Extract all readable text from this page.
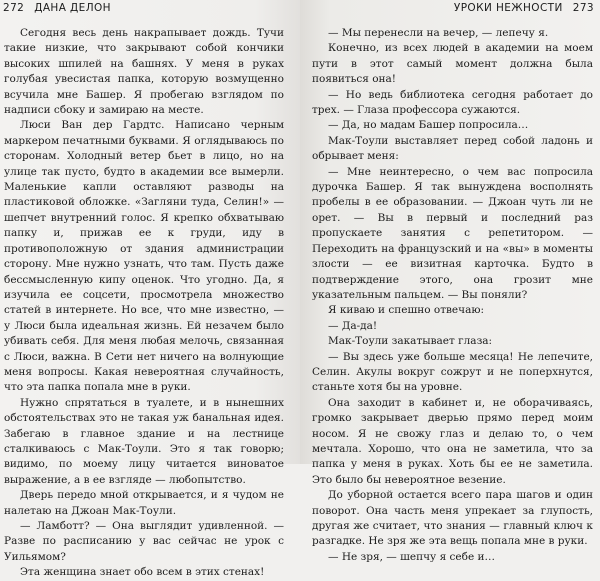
272 ДАНА ДЕЛОН

Сегодня весь день накрапывает дождь. Тучи такие низкие, что закрывают собой кончики высоких шпилей на башнях. У меня в руках голубая увесистая папка, которую возмущенно всучила мне Башер. Я пробегаю взглядом по надписи сбоку и замираю на месте.

Люси Ван дер Гардтс. Написано черным маркером печатными буквами. Я оглядываюсь по сторонам. Холодный ветер бьет в лицо, но на улице так пусто, будто в академии все вымерли. Маленькие капли оставляют разводы на пластиковой обложке. «Загляни туда, Селин!» — шепчет внутренний голос. Я крепко обхватываю папку и, прижав ее к груди, иду в противоположную от здания администрации сторону. Мне нужно узнать, что там. Пусть даже бессмысленную кипу оценок. Что угодно. Да, я изучила ее соцсети, просмотрела множество статей в интернете. Но все, что мне известно, — у Люси была идеальная жизнь. Ей незачем было убивать себя. Для меня любая мелочь, связанная с Люси, важна. В Сети нет ничего на волнующие меня вопросы. Какая невероятная случайность, что эта папка попала мне в руки.

Нужно спрятаться в туалете, и в нынешних обстоятельствах это не такая уж банальная идея. Забегаю в главное здание и на лестнице сталкиваюсь с Мак-Тоули. Это я так говорю; видимо, по моему лицу читается виноватое выражение, а в ее взгляде — любопытство.

Дверь передо мной открывается, и я чудом не налетаю на Джоан Мак-Тоули.

— Ламботт? — Она выглядит удивленной. — Разве по расписанию у вас сейчас не урок с Уильямом?

Эта женщина знает обо всем в этих стенах!

УРОКИ НЕЖНОСТИ 273

— Мы перенесли на вечер, — лепечу я.

Конечно, из всех людей в академии на моем пути в этот самый момент должна была появиться она!

— Но ведь библиотека сегодня работает до трех. — Глаза профессора сужаются.

— Да, но мадам Башер попросила…

Мак-Тоули выставляет перед собой ладонь и обрывает меня:

— Мне неинтересно, о чем вас попросила дурочка Башер. Я так вынуждена восполнять пробелы в ее образовании. — Джоан чуть ли не орет. — Вы в первый и последний раз пропускаете занятия с репетитором. — Переходить на французский и на «вы» в моменты злости — ее визитная карточка. Будто в подтверждение этого, она грозит мне указательным пальцем. — Вы поняли?

Я киваю и спешно отвечаю:

— Да-да!

Мак-Тоули закатывает глаза:

— Вы здесь уже больше месяца! Не лепечите, Селин. Акулы вокруг сожрут и не поперхнутся, станьте хотя бы на уровне.

Она заходит в кабинет и, не оборачиваясь, громко закрывает дверью прямо перед моим носом. Я не свожу глаз и делаю то, о чем мечтала. Хорошо, что она не заметила, что за папка у меня в руках. Хоть бы ее не заметила. Это было бы невероятное везение.

До уборной остается всего пара шагов и один поворот. Она часть меня упрекает за глупость, другая же считает, что знания — главный ключ к разгадке. Не зря же эта вещь попала мне в руки.

— Не зря, — шепчу я себе и…
